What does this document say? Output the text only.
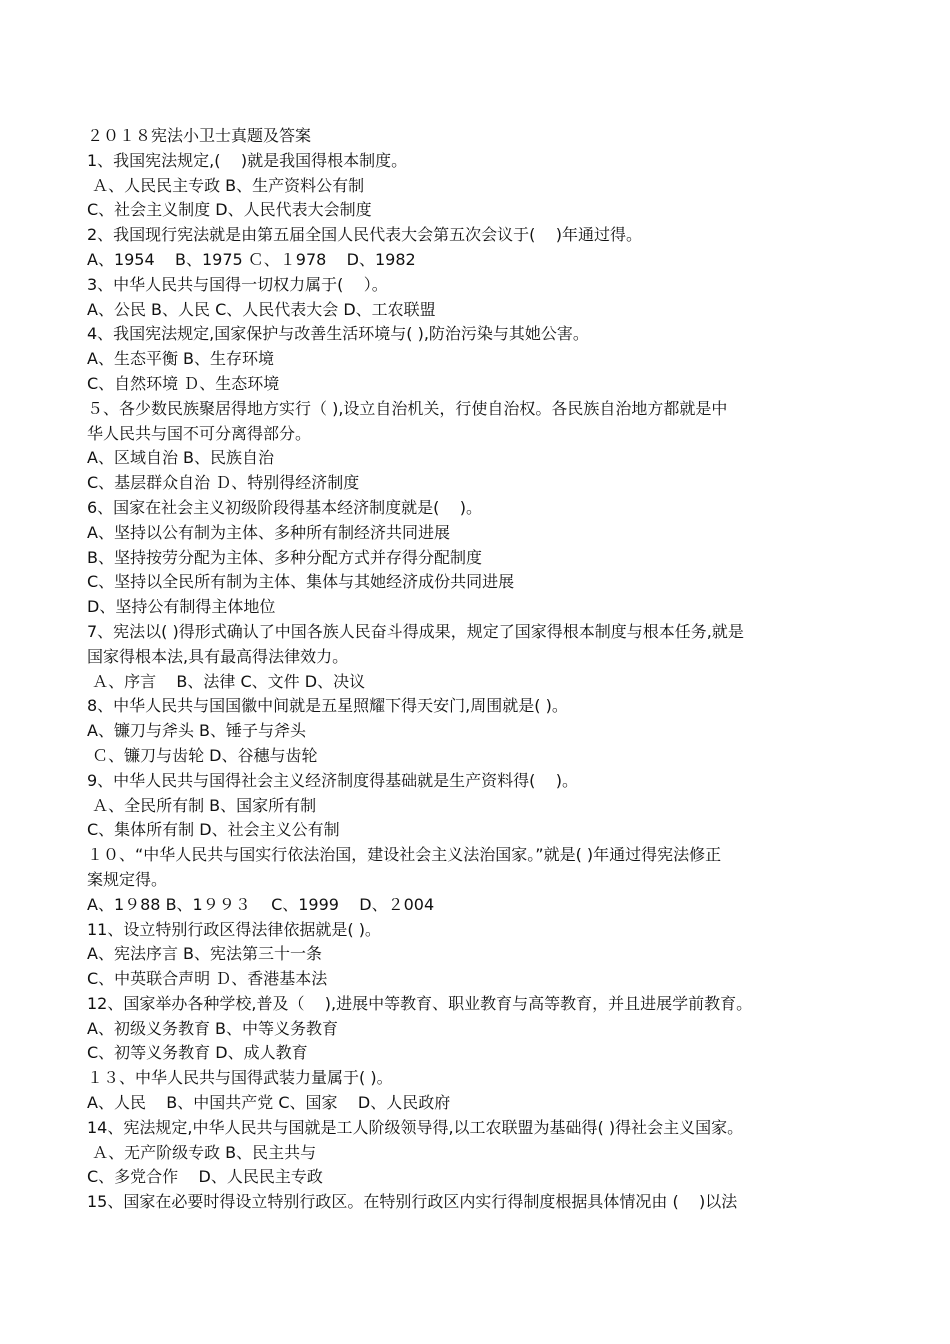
２０１８宪法小卫士真题及答案
1、我国宪法规定,(    )就是我国得根本制度。
Ａ、人民民主专政 B、生产资料公有制
C、社会主义制度 D、人民代表大会制度
2、我国现行宪法就是由第五届全国人民代表大会第五次会议于(    )年通过得。
A、1954    B、1975 Ｃ、１978    D、1982
3、中华人民共与国得一切权力属于(    ）。
A、公民 B、人民 C、人民代表大会 D、工农联盟
4、我国宪法规定,国家保护与改善生活环境与( ),防治污染与其她公害。
A、生态平衡 B、生存环境
C、自然环境 Ｄ、生态环境
５、各少数民族聚居得地方实行（ ),设立自治机关，行使自治权。各民族自治地方都就是中
华人民共与国不可分离得部分。
A、区域自治 B、民族自治
C、基层群众自治 Ｄ、特别得经济制度
6、国家在社会主义初级阶段得基本经济制度就是(    )。
A、坚持以公有制为主体、多种所有制经济共同进展
B、坚持按劳分配为主体、多种分配方式并存得分配制度
C、坚持以全民所有制为主体、集体与其她经济成份共同进展
D、坚持公有制得主体地位
7、宪法以( )得形式确认了中国各族人民奋斗得成果，规定了国家得根本制度与根本任务,就是
国家得根本法,具有最高得法律效力。
Ａ、序言    B、法律 C、文件 D、决议
8、中华人民共与国国徽中间就是五星照耀下得天安门,周围就是( )。
A、镰刀与斧头 B、锤子与斧头
Ｃ、镰刀与齿轮 D、谷穗与齿轮
9、中华人民共与国得社会主义经济制度得基础就是生产资料得(    )。
Ａ、全民所有制 B、国家所有制
C、集体所有制 D、社会主义公有制
１０、“中华人民共与国实行依法治国，建设社会主义法治国家。”就是( )年通过得宪法修正
案规定得。
A、1９88 B、1９９３    C、1999    D、２004
11、设立特别行政区得法律依据就是( )。
A、宪法序言 B、宪法第三十一条
C、中英联合声明 Ｄ、香港基本法
12、国家举办各种学校,普及（    ),进展中等教育、职业教育与高等教育，并且进展学前教育。
A、初级义务教育 B、中等义务教育
C、初等义务教育 D、成人教育
１３、中华人民共与国得武装力量属于( )。
A、人民    B、中国共产党 C、国家    D、人民政府
14、宪法规定,中华人民共与国就是工人阶级领导得,以工农联盟为基础得( )得社会主义国家。
Ａ、无产阶级专政 B、民主共与
C、多党合作    D、人民民主专政
15、国家在必要时得设立特别行政区。在特别行政区内实行得制度根据具体情况由 (    )以法
